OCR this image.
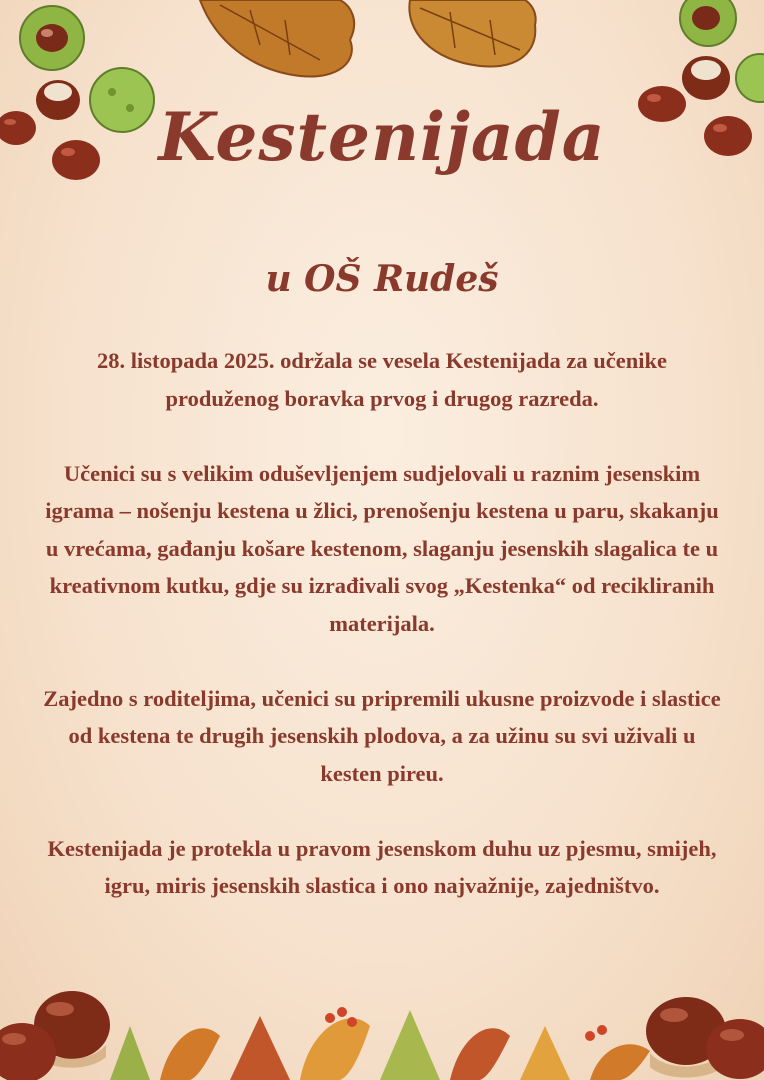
Kestenijada
u OŠ Rudeš

28. listopada 2025. održala se vesela Kestenijada za učenike produženog boravka prvog i drugog razreda.

Učenici su s velikim oduševljenjem sudjelovali u raznim jesenskim igrama – nošenju kestena u žlici, prenošenju kestena u paru, skakanju u vrećama, gađanju košare kestenom, slaganju jesenskih slagalica te u kreativnom kutku, gdje su izrađivali svog „Kestenka“ od recikliranih materijala.

Zajedno s roditeljima, učenici su pripremili ukusne proizvode i slastice od kestena te drugih jesenskih plodova, a za užinu su svi uživali u kesten pireu.

Kestenijada je protekla u pravom jesenskom duhu uz pjesmu, smijeh, igru, miris jesenskih slastica i ono najvažnije, zajedništvo.
